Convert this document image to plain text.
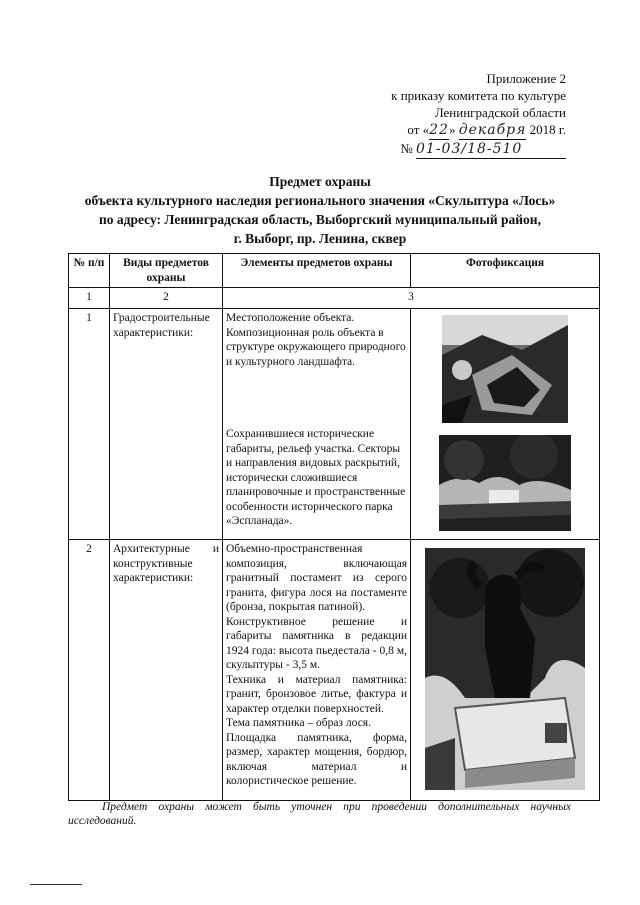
Приложение 2
к приказу комитета по культуре
Ленинградской области
от «22» декабря 2018 г.
№ 01-03/18-510
Предмет охраны
объекта культурного наследия регионального значения «Скульптура «Лось»
по адресу: Ленинградская область, Выборгский муниципальный район,
г. Выборг, пр. Ленина, сквер
№ п/п	Виды предметов охраны	Элементы предметов охраны	Фотофиксация
1	2	3	
1	Градостроительные характеристики:	Местоположение объекта. Композиционная роль объекта в структуре окружающего природного и культурного ландшафта.
Сохранившиеся исторические габариты, рельеф участка. Секторы и направления видовых раскрытий, исторически сложившиеся планировочные и пространственные особенности исторического парка «Эспланада».

2	Архитектурные и конструктивные характеристики:	Объемно-пространственная композиция, включающая гранитный постамент из серого гранита, фигура лося на постаменте (бронза, покрытая патиной).
Конструктивное решение и габариты памятника в редакции 1924 года: высота пьедестала - 0,8 м, скульптуры - 3,5 м.
Техника и материал памятника: гранит, бронзовое литье, фактура и характер отделки поверхностей.
Тема памятника – образ лося.
Площадка памятника, форма, размер, характер мощения, бордюр, включая материал и колористическое решение.

Предмет охраны может быть уточнен при проведении дополнительных научных исследований.
